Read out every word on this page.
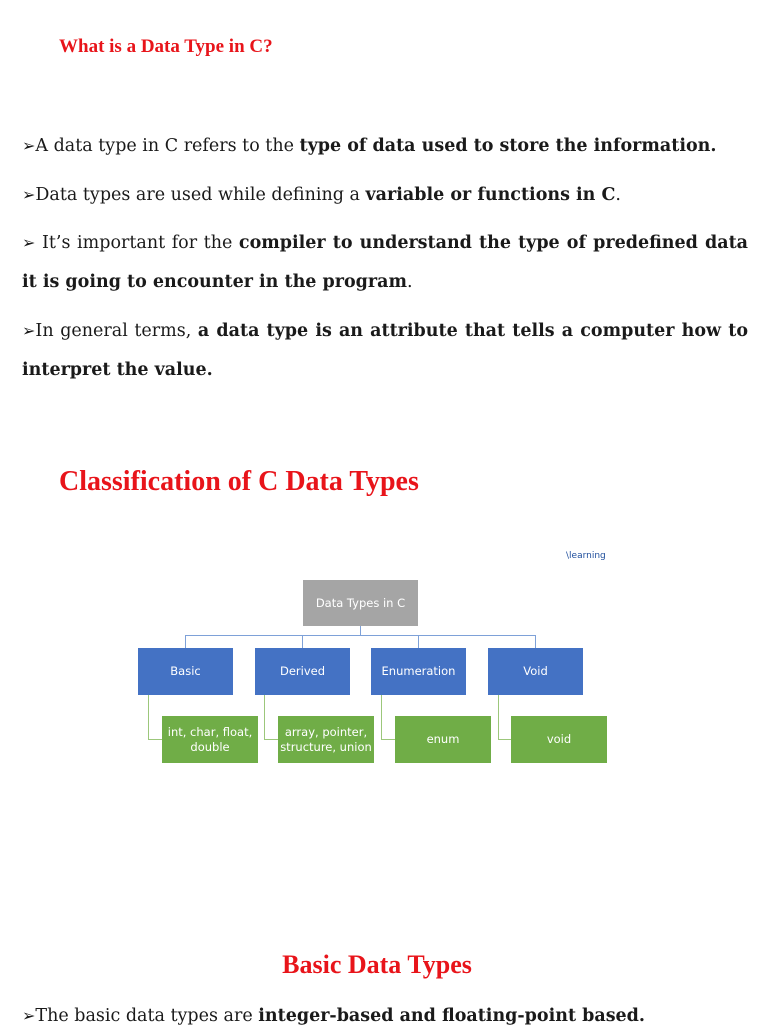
What is a Data Type in C?
➢A data type in C refers to the type of data used to store the information.
➢Data types are used while defining a variable or functions in C.
➢ It’s important for the compiler to understand the type of predefined data it is going to encounter in the program.
➢In general terms, a data type is an attribute that tells a computer how to interpret the value.
Classification of C Data Types
\learning
Data Types in C
Basic	Derived	Enumeration	Void
int, char, float, double
array, pointer, structure, union
enum	void
Basic Data Types
➢The basic data types are integer-based and floating-point based.
